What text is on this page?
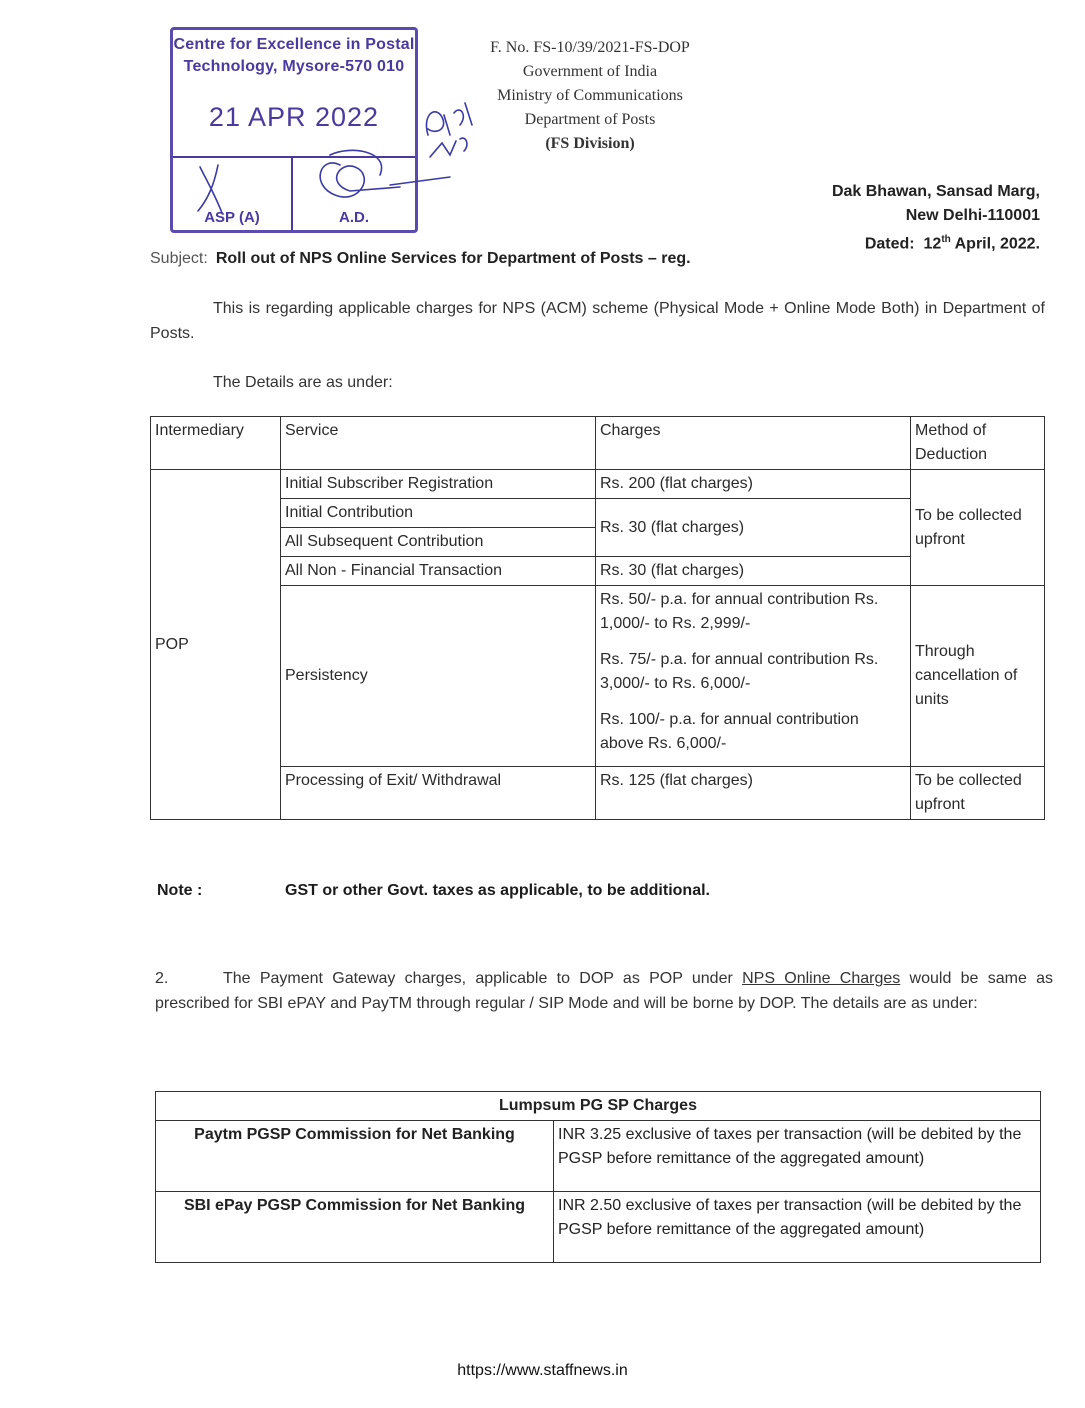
Centre for Excellence in Postal
Technology, Mysore-570 010
21 APR 2022
ASP (A)	A.D.
F. No. FS-10/39/2021-FS-DOP
Government of India
Ministry of Communications
Department of Posts
(FS Division)
Dak Bhawan, Sansad Marg,
New Delhi-110001
Dated: 12th April, 2022.
Subject: Roll out of NPS Online Services for Department of Posts – reg.
This is regarding applicable charges for NPS (ACM) scheme (Physical Mode + Online Mode Both) in Department of Posts.
The Details are as under:
Intermediary	Service	Charges	Method of Deduction
POP	Initial Subscriber Registration	Rs. 200 (flat charges)	To be collected upfront
	Initial Contribution	Rs. 30 (flat charges)	
	All Subsequent Contribution		
	All Non - Financial Transaction	Rs. 30 (flat charges)	
	Persistency	Rs. 50/- p.a. for annual contribution Rs. 1,000/- to Rs. 2,999/-
Rs. 75/- p.a. for annual contribution Rs. 3,000/- to Rs. 6,000/-
Rs. 100/- p.a. for annual contribution above Rs. 6,000/-	Through cancellation of units
	Processing of Exit/ Withdrawal	Rs. 125 (flat charges)	To be collected upfront
Note :	GST or other Govt. taxes as applicable, to be additional.
2.	The Payment Gateway charges, applicable to DOP as POP under NPS Online Charges would be same as prescribed for SBI ePAY and PayTM through regular / SIP Mode and will be borne by DOP. The details are as under:
Lumpsum PG SP Charges	
Paytm PGSP Commission for Net Banking	INR 3.25 exclusive of taxes per transaction (will be debited by the PGSP before remittance of the aggregated amount)
SBI ePay PGSP Commission for Net Banking	INR 2.50 exclusive of taxes per transaction (will be debited by the PGSP before remittance of the aggregated amount)
https://www.staffnews.in
